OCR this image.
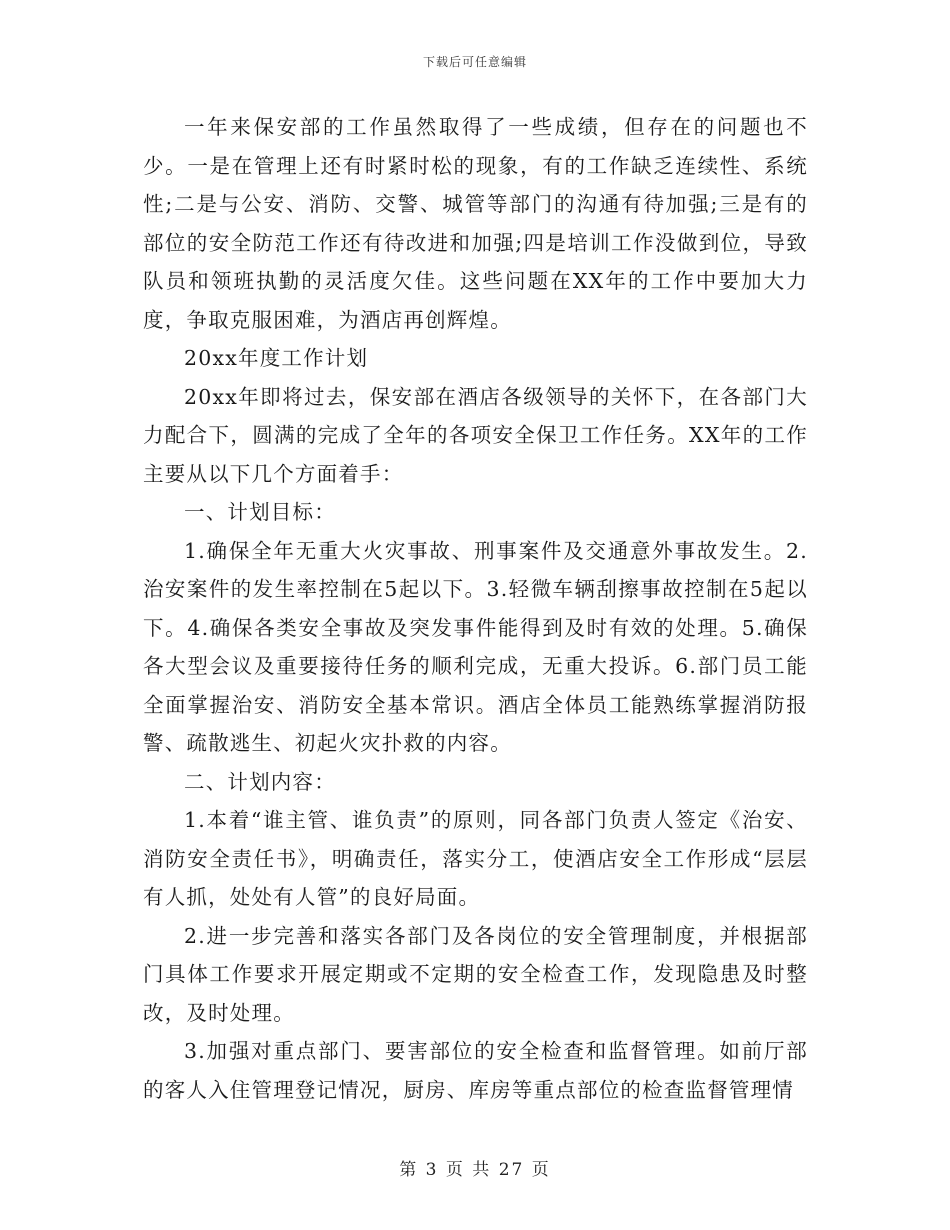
下载后可任意编辑

一年来保安部的工作虽然取得了一些成绩，但存在的问题也不少。一是在管理上还有时紧时松的现象，有的工作缺乏连续性、系统性;二是与公安、消防、交警、城管等部门的沟通有待加强;三是有的部位的安全防范工作还有待改进和加强;四是培训工作没做到位，导致队员和领班执勤的灵活度欠佳。这些问题在XX年的工作中要加大力度，争取克服困难，为酒店再创辉煌。

20xx年度工作计划

20xx年即将过去，保安部在酒店各级领导的关怀下，在各部门大力配合下，圆满的完成了全年的各项安全保卫工作任务。XX年的工作主要从以下几个方面着手：

一、计划目标：

1.确保全年无重大火灾事故、刑事案件及交通意外事故发生。2.治安案件的发生率控制在5起以下。3.轻微车辆刮擦事故控制在5起以下。4.确保各类安全事故及突发事件能得到及时有效的处理。5.确保各大型会议及重要接待任务的顺利完成，无重大投诉。6.部门员工能全面掌握治安、消防安全基本常识。酒店全体员工能熟练掌握消防报警、疏散逃生、初起火灾扑救的内容。

二、计划内容：

1.本着“谁主管、谁负责”的原则，同各部门负责人签定《治安、消防安全责任书》，明确责任，落实分工，使酒店安全工作形成“层层有人抓，处处有人管”的良好局面。

2.进一步完善和落实各部门及各岗位的安全管理制度，并根据部门具体工作要求开展定期或不定期的安全检查工作，发现隐患及时整改，及时处理。

3.加强对重点部门、要害部位的安全检查和监督管理。如前厅部的客人入住管理登记情况，厨房、库房等重点部位的检查监督管理情

第 3 页 共 27 页
